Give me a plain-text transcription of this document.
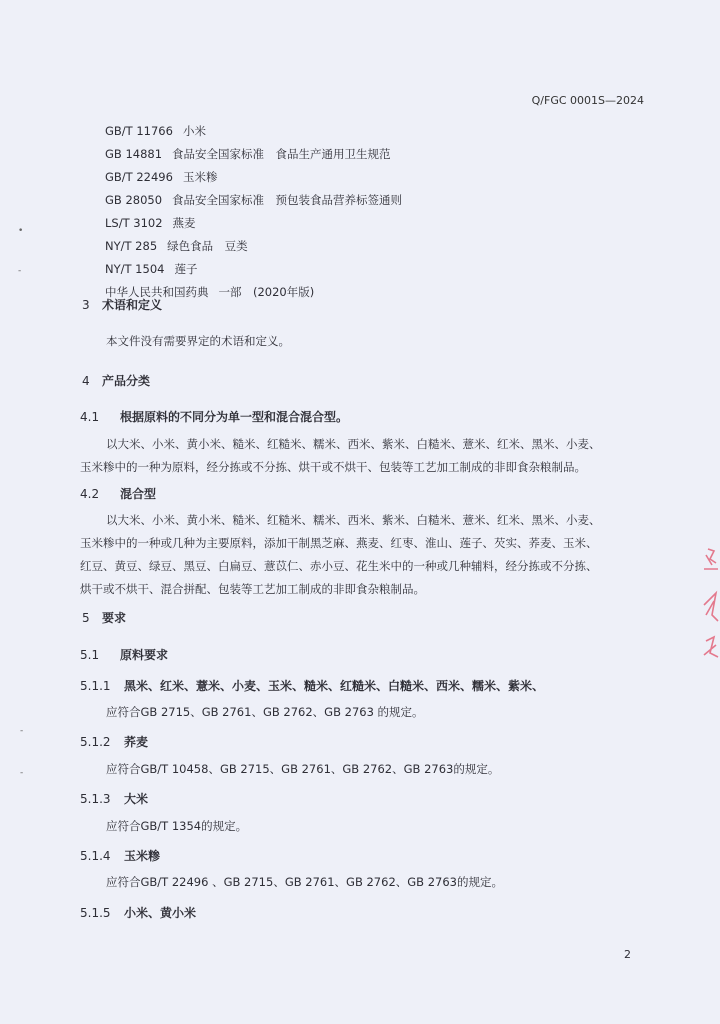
Q/FGC 0001S—2024
GB/T 11766 小米
GB 14881 食品安全国家标准　食品生产通用卫生规范
GB/T 22496 玉米糁
GB 28050 食品安全国家标准　预包装食品营养标签通则
LS/T 3102 燕麦
NY/T 285 绿色食品　豆类
NY/T 1504 莲子
中华人民共和国药典 一部　(2020年版)
3 术语和定义
本文件没有需要界定的术语和定义。
4 产品分类
4.1 根据原料的不同分为单一型和混合混合型。
以大米、小米、黄小米、糙米、红糙米、糯米、西米、紫米、白糙米、薏米、红米、黑米、小麦、
玉米糁中的一种为原料，经分拣或不分拣、烘干或不烘干、包装等工艺加工制成的非即食杂粮制品。
4.2 混合型
以大米、小米、黄小米、糙米、红糙米、糯米、西米、紫米、白糙米、薏米、红米、黑米、小麦、
玉米糁中的一种或几种为主要原料，添加干制黑芝麻、燕麦、红枣、淮山、莲子、芡实、荞麦、玉米、
红豆、黄豆、绿豆、黑豆、白扁豆、薏苡仁、赤小豆、花生米中的一种或几种辅料，经分拣或不分拣、
烘干或不烘干、混合拼配、包装等工艺加工制成的非即食杂粮制品。
5 要求
5.1 原料要求
5.1.1 黑米、红米、薏米、小麦、玉米、糙米、红糙米、白糙米、西米、糯米、紫米、
应符合GB 2715、GB 2761、GB 2762、GB 2763 的规定。
5.1.2 荞麦
应符合GB/T 10458、GB 2715、GB 2761、GB 2762、GB 2763的规定。
5.1.3 大米
应符合GB/T 1354的规定。
5.1.4 玉米糁
应符合GB/T 22496 、GB 2715、GB 2761、GB 2762、GB 2763的规定。
5.1.5 小米、黄小米
2
•
-
-
-
